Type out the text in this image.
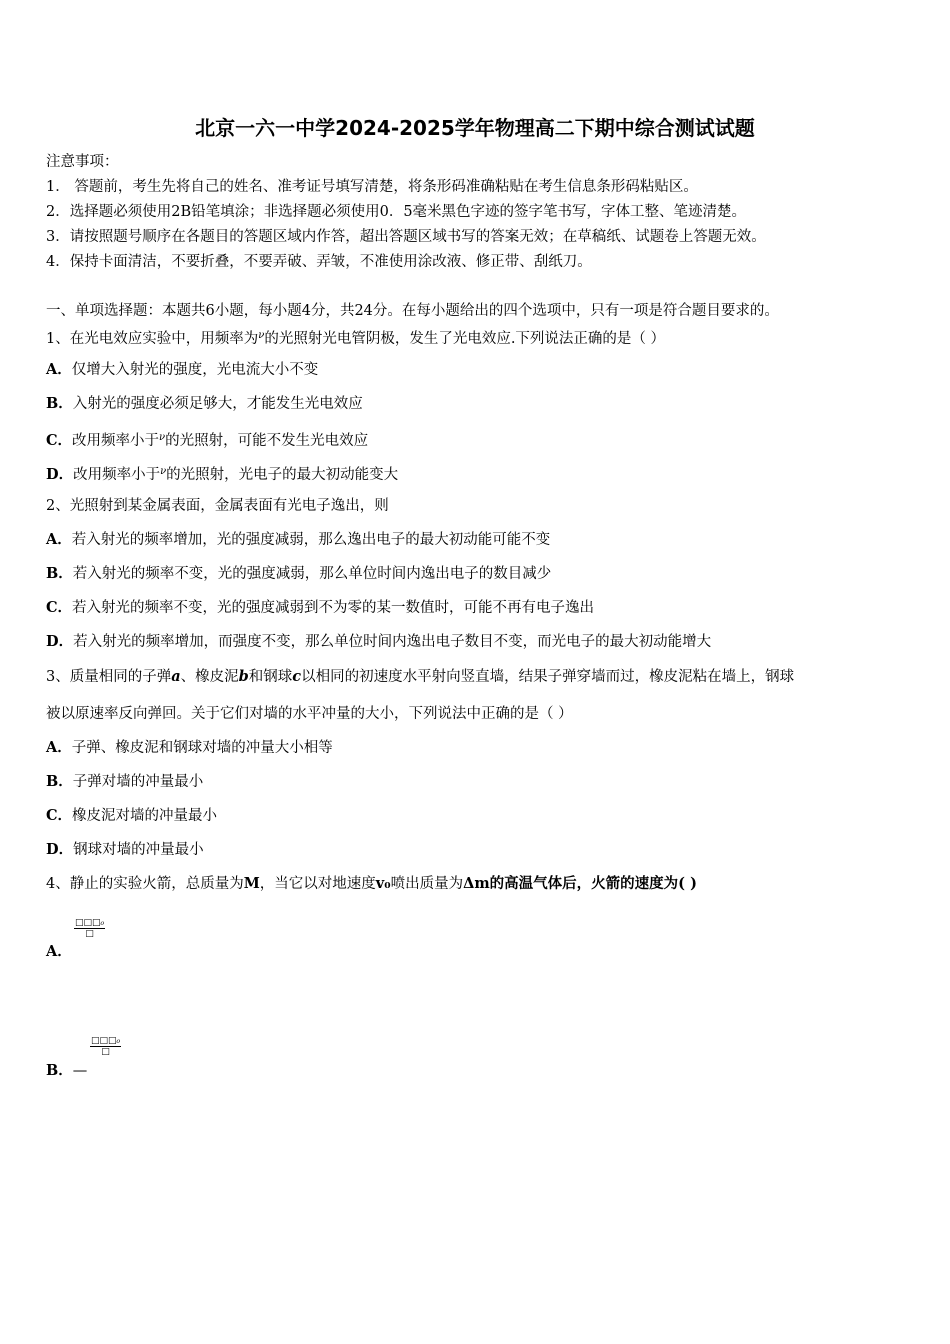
北京一六一中学2024-2025学年物理高二下期中综合测试试题
注意事项：
1． 答题前，考生先将自己的姓名、准考证号填写清楚，将条形码准确粘贴在考生信息条形码粘贴区。
2．选择题必须使用2B铅笔填涂；非选择题必须使用0．5毫米黑色字迹的签字笔书写，字体工整、笔迹清楚。
3．请按照题号顺序在各题目的答题区域内作答，超出答题区域书写的答案无效；在草稿纸、试题卷上答题无效。
4．保持卡面清洁，不要折叠，不要弄破、弄皱，不准使用涂改液、修正带、刮纸刀。
一、单项选择题：本题共6小题，每小题4分，共24分。在每小题给出的四个选项中，只有一项是符合题目要求的。
1、在光电效应实验中，用频率为$^\nu$的光照射光电管阴极，发生了光电效应.下列说法正确的是（ ）
A．仅增大入射光的强度，光电流大小不变
B．入射光的强度必须足够大，才能发生光电效应
C．改用频率小于$^\nu$的光照射，可能不发生光电效应
D．改用频率小于$^\nu$的光照射，光电子的最大初动能变大
2、光照射到某金属表面，金属表面有光电子逸出，则
A．若入射光的频率增加，光的强度减弱，那么逸出电子的最大初动能可能不变
B．若入射光的频率不变，光的强度减弱，那么单位时间内逸出电子的数目减少
C．若入射光的频率不变，光的强度减弱到不为零的某一数值时，可能不再有电子逸出
D．若入射光的频率增加，而强度不变，那么单位时间内逸出电子数目不变，而光电子的最大初动能增大
3、质量相同的子弹a、橡皮泥b和钢球c以相同的初速度水平射向竖直墙，结果子弹穿墙而过，橡皮泥粘在墙上，钢球
被以原速率反向弹回。关于它们对墙的水平冲量的大小，下列说法中正确的是（ ）
A．子弹、橡皮泥和钢球对墙的冲量大小相等
B．子弹对墙的冲量最小
C．橡皮泥对墙的冲量最小
D．钢球对墙的冲量最小
4、静止的实验火箭，总质量为M，当它以对地速度v₀喷出质量为Δm的高温气体后，火箭的速度为( )
□□□₀
□
A．
□□□₀
□
B．—
